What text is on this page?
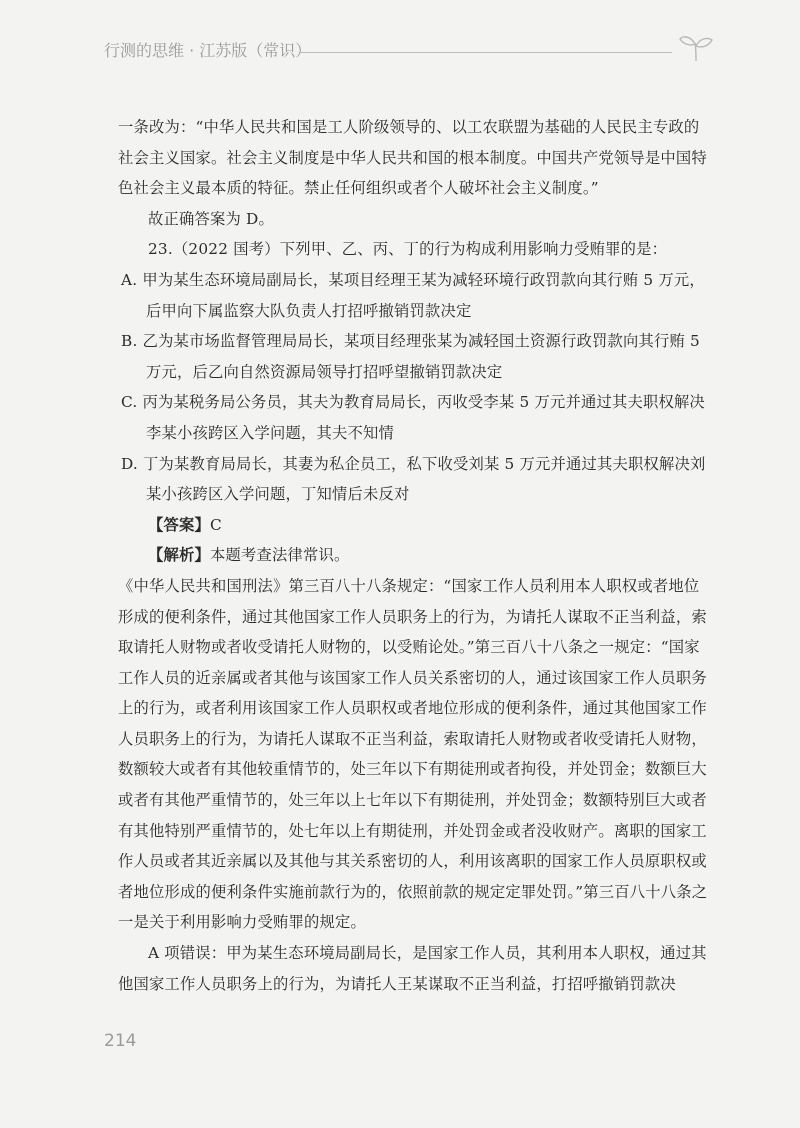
行测的思维 · 江苏版（常识）

一条改为：“中华人民共和国是工人阶级领导的、以工农联盟为基础的人民民主专政的社会主义国家。社会主义制度是中华人民共和国的根本制度。中国共产党领导是中国特色社会主义最本质的特征。禁止任何组织或者个人破坏社会主义制度。”

故正确答案为 D。

23.（2022 国考）下列甲、乙、丙、丁的行为构成利用影响力受贿罪的是：

A. 甲为某生态环境局副局长，某项目经理王某为减轻环境行政罚款向其行贿 5 万元，后甲向下属监察大队负责人打招呼撤销罚款决定

B. 乙为某市场监督管理局局长，某项目经理张某为减轻国土资源行政罚款向其行贿 5 万元，后乙向自然资源局领导打招呼望撤销罚款决定

C. 丙为某税务局公务员，其夫为教育局局长，丙收受李某 5 万元并通过其夫职权解决李某小孩跨区入学问题，其夫不知情

D. 丁为某教育局局长，其妻为私企员工，私下收受刘某 5 万元并通过其夫职权解决刘某小孩跨区入学问题，丁知情后未反对

【答案】C

【解析】本题考查法律常识。

《中华人民共和国刑法》第三百八十八条规定：“国家工作人员利用本人职权或者地位形成的便利条件，通过其他国家工作人员职务上的行为，为请托人谋取不正当利益，索取请托人财物或者收受请托人财物的，以受贿论处。”第三百八十八条之一规定：“国家工作人员的近亲属或者其他与该国家工作人员关系密切的人，通过该国家工作人员职务上的行为，或者利用该国家工作人员职权或者地位形成的便利条件，通过其他国家工作人员职务上的行为，为请托人谋取不正当利益，索取请托人财物或者收受请托人财物，数额较大或者有其他较重情节的，处三年以下有期徒刑或者拘役，并处罚金；数额巨大或者有其他严重情节的，处三年以上七年以下有期徒刑，并处罚金；数额特别巨大或者有其他特别严重情节的，处七年以上有期徒刑，并处罚金或者没收财产。离职的国家工作人员或者其近亲属以及其他与其关系密切的人，利用该离职的国家工作人员原职权或者地位形成的便利条件实施前款行为的，依照前款的规定定罪处罚。”第三百八十八条之一是关于利用影响力受贿罪的规定。

A 项错误：甲为某生态环境局副局长，是国家工作人员，其利用本人职权，通过其他国家工作人员职务上的行为，为请托人王某谋取不正当利益，打招呼撤销罚款决

214
